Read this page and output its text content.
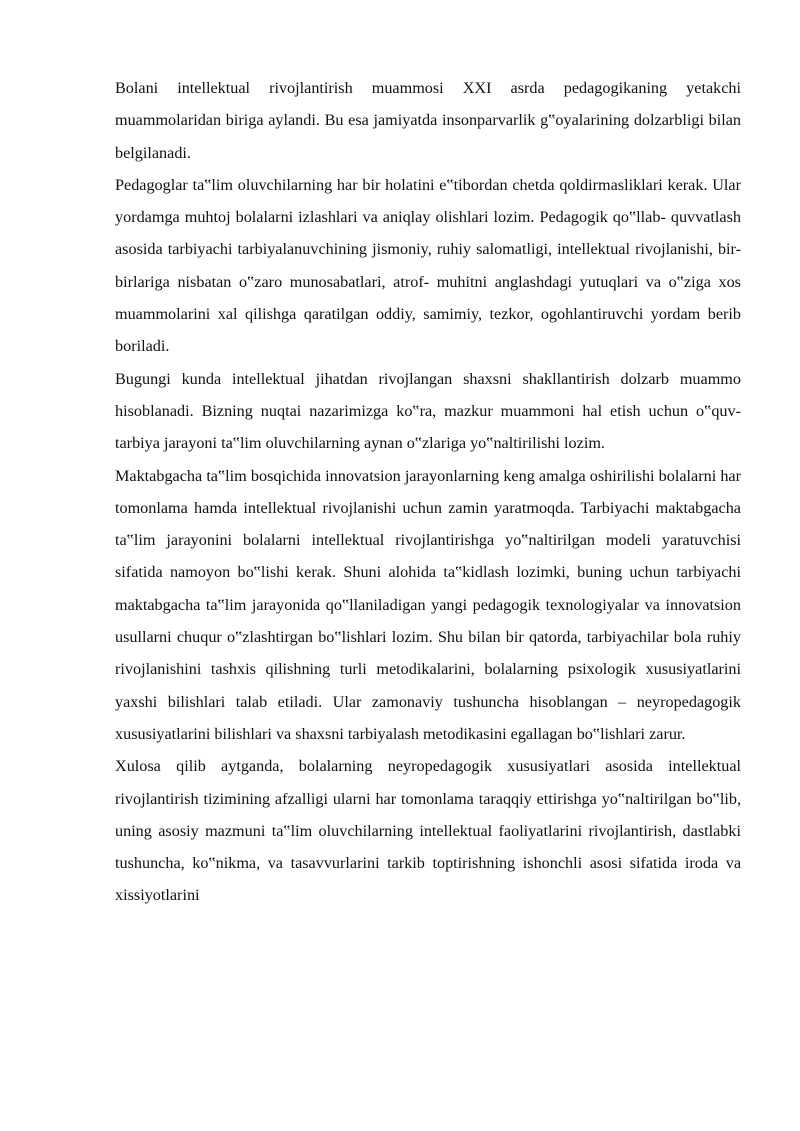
Bolani intellektual rivojlantirish muammosi XXI asrda pedagogikaning yetakchi muammolaridan biriga aylandi. Bu esa jamiyatda insonparvarlik g‟oyalarining dolzarbligi bilan belgilanadi.

Pedagoglar ta‟lim oluvchilarning har bir holatini e‟tibordan chetda qoldirmasliklari kerak. Ular yordamga muhtoj bolalarni izlashlari va aniqlay olishlari lozim. Pedagogik qo‟llab- quvvatlash asosida tarbiyachi tarbiyalanuvchining jismoniy, ruhiy salomatligi, intellektual rivojlanishi, bir-birlariga nisbatan o‟zaro munosabatlari, atrof- muhitni anglashdagi yutuqlari va o‟ziga xos muammolarini xal qilishga qaratilgan oddiy, samimiy, tezkor, ogohlantiruvchi yordam berib boriladi.

Bugungi kunda intellektual jihatdan rivojlangan shaxsni shakllantirish dolzarb muammo hisoblanadi. Bizning nuqtai nazarimizga ko‟ra, mazkur muammoni hal etish uchun o‟quv- tarbiya jarayoni ta‟lim oluvchilarning aynan o‟zlariga yo‟naltirilishi lozim.

Maktabgacha ta‟lim bosqichida innovatsion jarayonlarning keng amalga oshirilishi bolalarni har tomonlama hamda intellektual rivojlanishi uchun zamin yaratmoqda. Tarbiyachi maktabgacha ta‟lim jarayonini bolalarni intellektual rivojlantirishga yo‟naltirilgan modeli yaratuvchisi sifatida namoyon bo‟lishi kerak. Shuni alohida ta‟kidlash lozimki, buning uchun tarbiyachi maktabgacha ta‟lim jarayonida qo‟llaniladigan yangi pedagogik texnologiyalar va innovatsion usullarni chuqur o‟zlashtirgan bo‟lishlari lozim. Shu bilan bir qatorda, tarbiyachilar bola ruhiy rivojlanishini tashxis qilishning turli metodikalarini, bolalarning psixologik xususiyatlarini yaxshi bilishlari talab etiladi. Ular zamonaviy tushuncha hisoblangan – neyropedagogik xususiyatlarini bilishlari va shaxsni tarbiyalash metodikasini egallagan bo‟lishlari zarur.

Xulosa qilib aytganda, bolalarning neyropedagogik xususiyatlari asosida intellektual rivojlantirish tizimining afzalligi ularni har tomonlama taraqqiy ettirishga yo‟naltirilgan bo‟lib, uning asosiy mazmuni ta‟lim oluvchilarning intellektual faoliyatlarini rivojlantirish, dastlabki tushuncha, ko‟nikma, va tasavvurlarini tarkib toptirishning ishonchli asosi sifatida iroda va xissiyotlarini
